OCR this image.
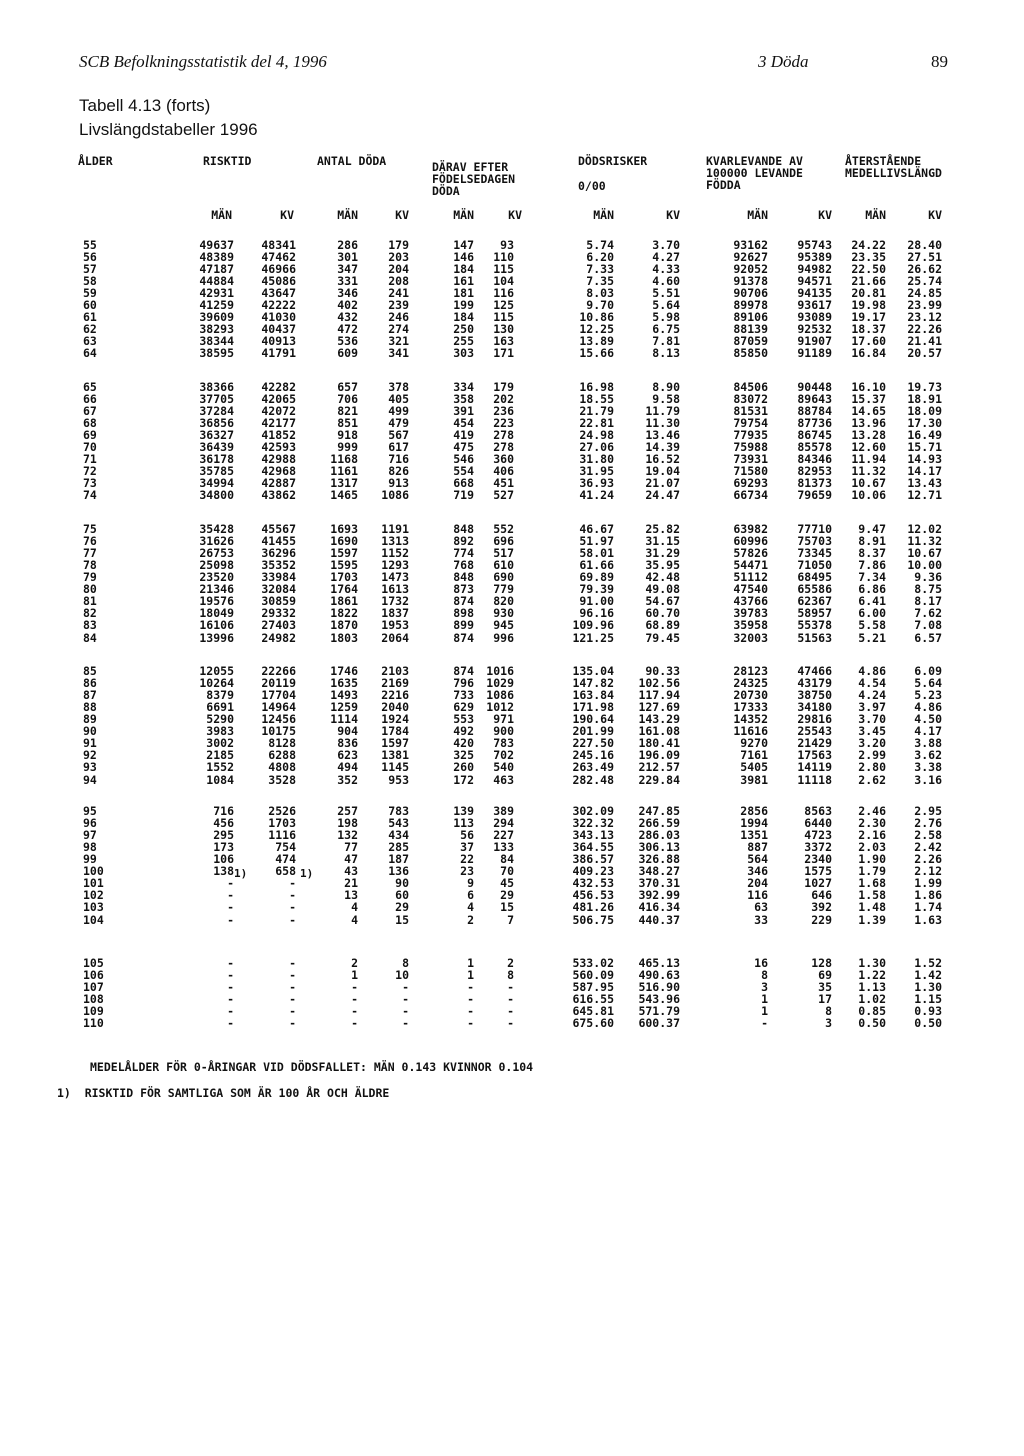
SCB Befolkningsstatistik del 4, 1996	3 Döda	89
Tabell 4.13 (forts)
Livslängdstabeller 1996
ÅLDER	RISKTID	ANTAL DÖDA	DÄRAV EFTER
FÖDELSEDAGEN
DÖDA
DÖDSRISKER
0/00
KVARLEVANDE AV
100000 LEVANDE
FÖDDA
ÅTERSTÅENDE
MEDELLIVSLÄNGD
MÄN	KV	MÄN	KV	MÄN	KV	MÄN	KV	MÄN	KV	MÄN	KV
55	49637	48341	286	179	147	93	5.74	3.70	93162	95743	24.22	28.40
56	48389	47462	301	203	146	110	6.20	4.27	92627	95389	23.35	27.51
57	47187	46966	347	204	184	115	7.33	4.33	92052	94982	22.50	26.62
58	44884	45086	331	208	161	104	7.35	4.60	91378	94571	21.66	25.74
59	42931	43647	346	241	181	116	8.03	5.51	90706	94135	20.81	24.85
60	41259	42222	402	239	199	125	9.70	5.64	89978	93617	19.98	23.99
61	39609	41030	432	246	184	115	10.86	5.98	89106	93089	19.17	23.12
62	38293	40437	472	274	250	130	12.25	6.75	88139	92532	18.37	22.26
63	38344	40913	536	321	255	163	13.89	7.81	87059	91907	17.60	21.41
64	38595	41791	609	341	303	171	15.66	8.13	85850	91189	16.84	20.57
65	38366	42282	657	378	334	179	16.98	8.90	84506	90448	16.10	19.73
66	37705	42065	706	405	358	202	18.55	9.58	83072	89643	15.37	18.91
67	37284	42072	821	499	391	236	21.79	11.79	81531	88784	14.65	18.09
68	36856	42177	851	479	454	223	22.81	11.30	79754	87736	13.96	17.30
69	36327	41852	918	567	419	278	24.98	13.46	77935	86745	13.28	16.49
70	36439	42593	999	617	475	278	27.06	14.39	75988	85578	12.60	15.71
71	36178	42988	1168	716	546	360	31.80	16.52	73931	84346	11.94	14.93
72	35785	42968	1161	826	554	406	31.95	19.04	71580	82953	11.32	14.17
73	34994	42887	1317	913	668	451	36.93	21.07	69293	81373	10.67	13.43
74	34800	43862	1465	1086	719	527	41.24	24.47	66734	79659	10.06	12.71
75	35428	45567	1693	1191	848	552	46.67	25.82	63982	77710	9.47	12.02
76	31626	41455	1690	1313	892	696	51.97	31.15	60996	75703	8.91	11.32
77	26753	36296	1597	1152	774	517	58.01	31.29	57826	73345	8.37	10.67
78	25098	35352	1595	1293	768	610	61.66	35.95	54471	71050	7.86	10.00
79	23520	33984	1703	1473	848	690	69.89	42.48	51112	68495	7.34	9.36
80	21346	32084	1764	1613	873	779	79.39	49.08	47540	65586	6.86	8.75
81	19576	30859	1861	1732	874	820	91.00	54.67	43766	62367	6.41	8.17
82	18049	29332	1822	1837	898	930	96.16	60.70	39783	58957	6.00	7.62
83	16106	27403	1870	1953	899	945	109.96	68.89	35958	55378	5.58	7.08
84	13996	24982	1803	2064	874	996	121.25	79.45	32003	51563	5.21	6.57
85	12055	22266	1746	2103	874	1016	135.04	90.33	28123	47466	4.86	6.09
86	10264	20119	1635	2169	796	1029	147.82	102.56	24325	43179	4.54	5.64
87	8379	17704	1493	2216	733	1086	163.84	117.94	20730	38750	4.24	5.23
88	6691	14964	1259	2040	629	1012	171.98	127.69	17333	34180	3.97	4.86
89	5290	12456	1114	1924	553	971	190.64	143.29	14352	29816	3.70	4.50
90	3983	10175	904	1784	492	900	201.99	161.08	11616	25543	3.45	4.17
91	3002	8128	836	1597	420	783	227.50	180.41	9270	21429	3.20	3.88
92	2185	6288	623	1381	325	702	245.16	196.09	7161	17563	2.99	3.62
93	1552	4808	494	1145	260	540	263.49	212.57	5405	14119	2.80	3.38
94	1084	3528	352	953	172	463	282.48	229.84	3981	11118	2.62	3.16
95	716	2526	257	783	139	389	302.09	247.85	2856	8563	2.46	2.95
96	456	1703	198	543	113	294	322.32	266.59	1994	6440	2.30	2.76
97	295	1116	132	434	56	227	343.13	286.03	1351	4723	2.16	2.58
98	173	754	77	285	37	133	364.55	306.13	887	3372	2.03	2.42
99	106	474	47	187	22	84	386.57	326.88	564	2340	1.90	2.26
100	138	658	43	136	23	70	409.23	348.27	346	1575	1.79	2.12
101	-	-	21	90	9	45	432.53	370.31	204	1027	1.68	1.99
102	-	-	13	60	6	29	456.53	392.99	116	646	1.58	1.86
103	-	-	4	29	4	15	481.26	416.34	63	392	1.48	1.74
104	-	-	4	15	2	7	506.75	440.37	33	229	1.39	1.63
105	-	-	2	8	1	2	533.02	465.13	16	128	1.30	1.52
106	-	-	1	10	1	8	560.09	490.63	8	69	1.22	1.42
107	-	-	-	-	-	-	587.95	516.90	3	35	1.13	1.30
108	-	-	-	-	-	-	616.55	543.96	1	17	1.02	1.15
109	-	-	-	-	-	-	645.81	571.79	1	8	0.85	0.93
110	-	-	-	-	-	-	675.60	600.37	-	3	0.50	0.50
1)	1)
MEDELÅLDER FÖR 0-ÅRINGAR VID DÖDSFALLET: MÄN 0.143 KVINNOR 0.104
1)  RISKTID FÖR SAMTLIGA SOM ÄR 100 ÅR OCH ÄLDRE
